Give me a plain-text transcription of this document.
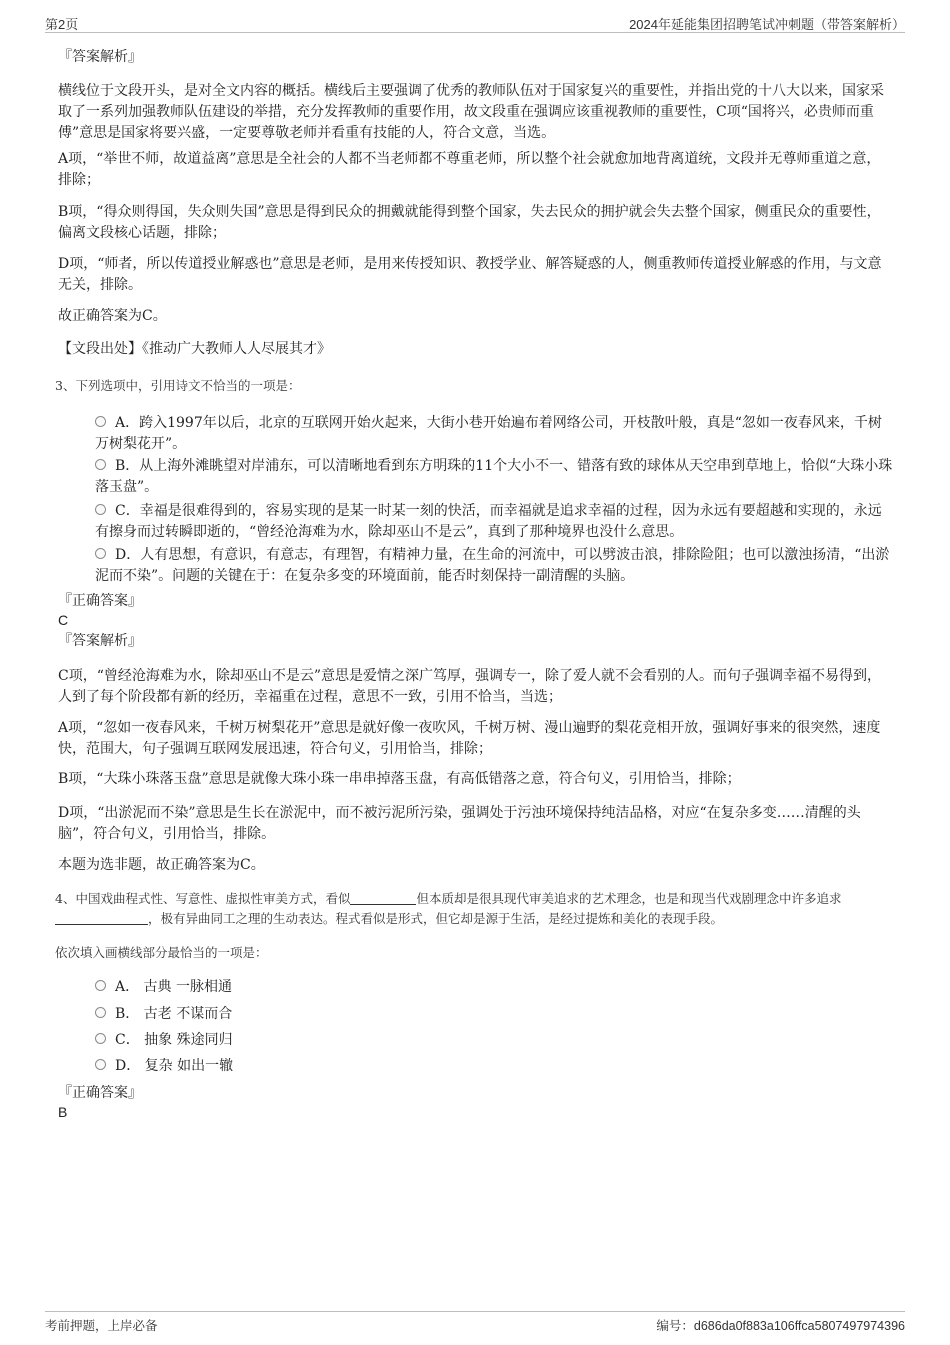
第2页	2024年延能集团招聘笔试冲刺题（带答案解析）
『答案解析』

横线位于文段开头，是对全文内容的概括。横线后主要强调了优秀的教师队伍对于国家复兴的重要性，并指出党的十八大以来，国家采取了一系列加强教师队伍建设的举措，充分发挥教师的重要作用，故文段重在强调应该重视教师的重要性，C项“国将兴，必贵师而重傅”意思是国家将要兴盛，一定要尊敬老师并看重有技能的人，符合文意，当选。

A项，“举世不师，故道益离”意思是全社会的人都不当老师都不尊重老师，所以整个社会就愈加地背离道统，文段并无尊师重道之意，排除；

B项，“得众则得国，失众则失国”意思是得到民众的拥戴就能得到整个国家，失去民众的拥护就会失去整个国家，侧重民众的重要性，偏离文段核心话题，排除；

D项，“师者，所以传道授业解惑也”意思是老师，是用来传授知识、教授学业、解答疑惑的人，侧重教师传道授业解惑的作用，与文意无关，排除。

故正确答案为C。

【文段出处】《推动广大教师人人尽展其才》

3、下列选项中，引用诗文不恰当的一项是：

A．跨入1997年以后，北京的互联网开始火起来，大街小巷开始遍布着网络公司，开枝散叶般，真是“忽如一夜春风来，千树万树梨花开”。
B．从上海外滩眺望对岸浦东，可以清晰地看到东方明珠的11个大小不一、错落有致的球体从天空串到草地上，恰似“大珠小珠落玉盘”。
C．幸福是很难得到的，容易实现的是某一时某一刻的快活，而幸福就是追求幸福的过程，因为永远有要超越和实现的，永远有擦身而过转瞬即逝的，“曾经沧海难为水，除却巫山不是云”，真到了那种境界也没什么意思。
D．人有思想，有意识，有意志，有理智，有精神力量，在生命的河流中，可以劈波击浪，排除险阻；也可以激浊扬清，“出淤泥而不染”。问题的关键在于：在复杂多变的环境面前，能否时刻保持一副清醒的头脑。
『正确答案』
C
『答案解析』

C项，“曾经沧海难为水，除却巫山不是云”意思是爱情之深广笃厚，强调专一，除了爱人就不会看别的人。而句子强调幸福不易得到，人到了每个阶段都有新的经历，幸福重在过程，意思不一致，引用不恰当，当选；

A项，“忽如一夜春风来，千树万树梨花开”意思是就好像一夜吹风，千树万树、漫山遍野的梨花竞相开放，强调好事来的很突然，速度快，范围大，句子强调互联网发展迅速，符合句义，引用恰当，排除；

B项，“大珠小珠落玉盘”意思是就像大珠小珠一串串掉落玉盘，有高低错落之意，符合句义，引用恰当，排除；

D项，“出淤泥而不染”意思是生长在淤泥中，而不被污泥所污染，强调处于污浊环境保持纯洁品格，对应“在复杂多变……清醒的头脑”，符合句义，引用恰当，排除。

本题为选非题，故正确答案为C。

4、中国戏曲程式性、写意性、虚拟性审美方式，看似	但本质却是很具现代审美追求的艺术理念，也是和现当代戏剧理念中许多追求，极有异曲同工之理的生动表达。程式看似是形式，但它却是源于生活，是经过提炼和美化的表现手段。

依次填入画横线部分最恰当的一项是：

A． 古典 一脉相通
B． 古老 不谋而合
C． 抽象 殊途同归
D． 复杂 如出一辙
『正确答案』
B
考前押题，上岸必备	编号：d686da0f883a106ffca5807497974396
